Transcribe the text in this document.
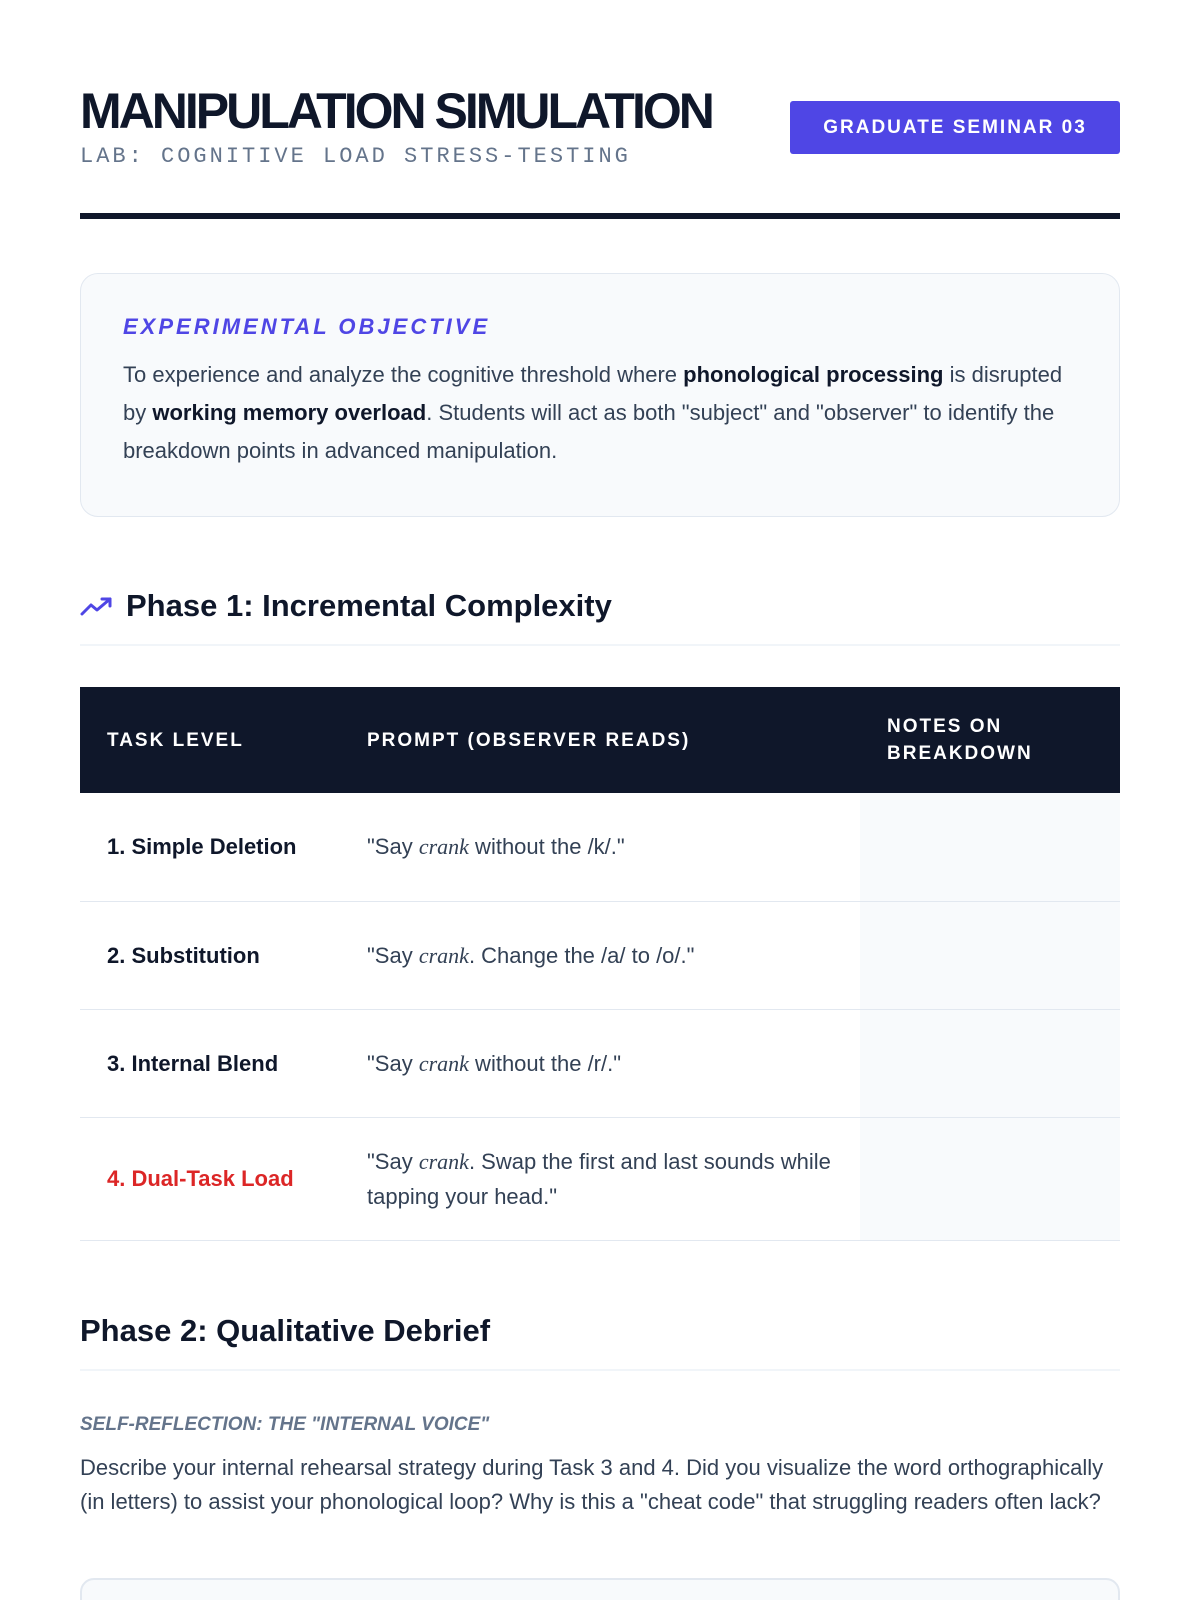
MANIPULATION SIMULATION
LAB: COGNITIVE LOAD STRESS-TESTING
GRADUATE SEMINAR 03
EXPERIMENTAL OBJECTIVE

To experience and analyze the cognitive threshold where phonological processing is disrupted by working memory overload. Students will act as both "subject" and "observer" to identify the breakdown points in advanced manipulation.

Phase 1: Incremental Complexity
TASK LEVEL	PROMPT (OBSERVER READS)	NOTES ON BREAKDOWN
1. Simple Deletion	"Say crank without the /k/."	
2. Substitution	"Say crank. Change the /a/ to /o/."	
3. Internal Blend	"Say crank without the /r/."	
4. Dual-Task Load	"Say crank. Swap the first and last sounds while tapping your head."	
Phase 2: Qualitative Debrief
SELF-REFLECTION: THE "INTERNAL VOICE"

Describe your internal rehearsal strategy during Task 3 and 4. Did you visualize the word orthographically (in letters) to assist your phonological loop? Why is this a "cheat code" that struggling readers often lack?
